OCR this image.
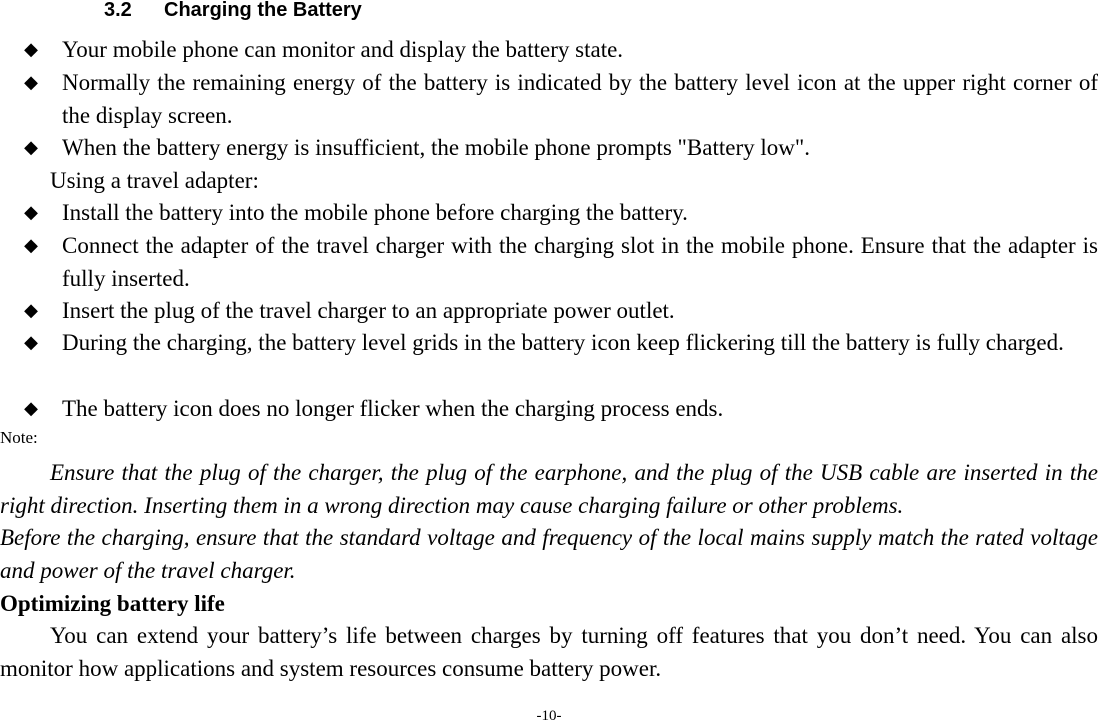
3.2 Charging the Battery
◆ Your mobile phone can monitor and display the battery state.
◆ Normally the remaining energy of the battery is indicated by the battery level icon at the upper right corner of the display screen.
◆ When the battery energy is insufficient, the mobile phone prompts "Battery low".
Using a travel adapter:
◆ Install the battery into the mobile phone before charging the battery.
◆ Connect the adapter of the travel charger with the charging slot in the mobile phone. Ensure that the adapter is fully inserted.
◆ Insert the plug of the travel charger to an appropriate power outlet.
◆ During the charging, the battery level grids in the battery icon keep flickering till the battery is fully charged.
◆ The battery icon does no longer flicker when the charging process ends.
Note:
Ensure that the plug of the charger, the plug of the earphone, and the plug of the USB cable are inserted in the right direction. Inserting them in a wrong direction may cause charging failure or other problems.
Before the charging, ensure that the standard voltage and frequency of the local mains supply match the rated voltage and power of the travel charger.
Optimizing battery life
You can extend your battery’s life between charges by turning off features that you don’t need. You can also monitor how applications and system resources consume battery power.
-10-
